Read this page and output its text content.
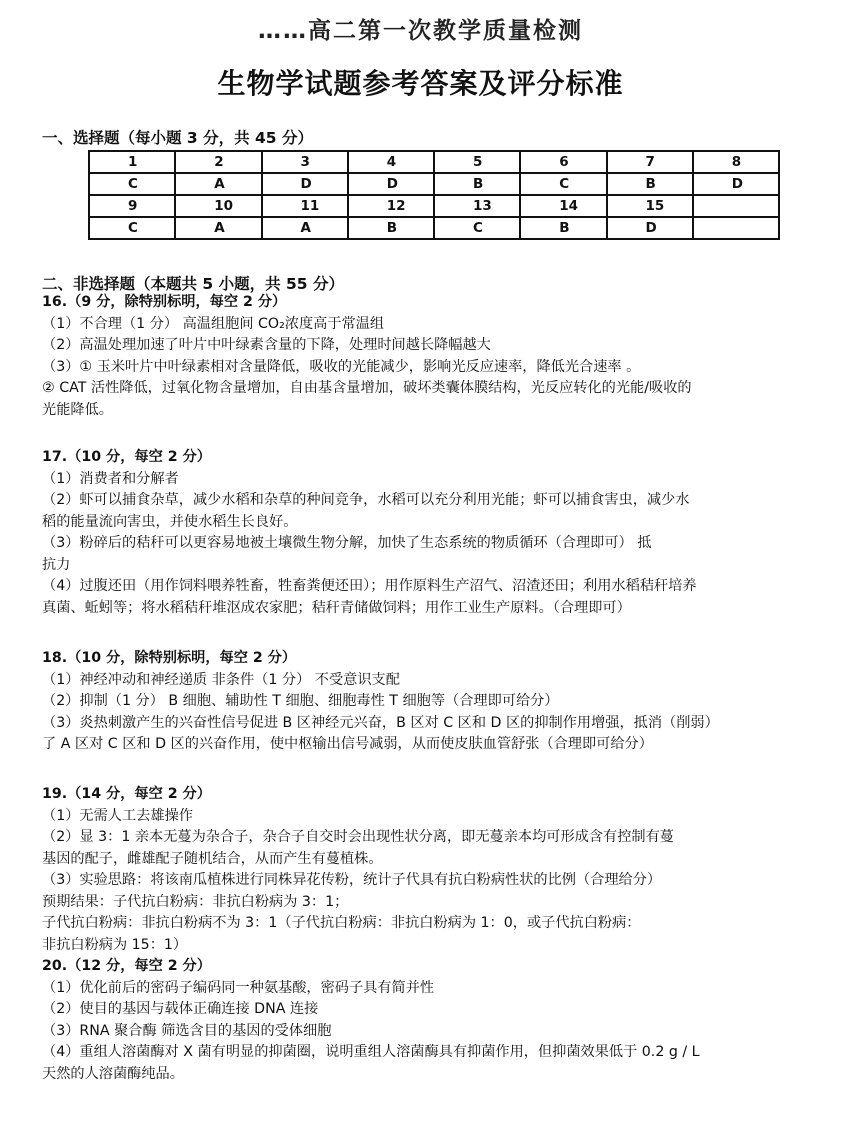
……高二第一次教学质量检测
生物学试题参考答案及评分标准
一、选择题（每小题 3 分，共 45 分）
1	2	3	4	5	6	7	8
C	A	D	D	B	C	B	D
9	10	11	12	13	14	15	
C	A	A	B	C	B	D	
二、非选择题（本题共 5 小题，共 55 分）

16.（9 分，除特别标明，每空 2 分）

（1）不合理（1 分） 高温组胞间 CO₂浓度高于常温组

（2）高温处理加速了叶片中叶绿素含量的下降，处理时间越长降幅越大

（3）① 玉米叶片中叶绿素相对含量降低，吸收的光能减少，影响光反应速率，降低光合速率 。

② CAT 活性降低，过氧化物含量增加，自由基含量增加，破坏类囊体膜结构，光反应转化的光能/吸收的

光能降低。

17.（10 分，每空 2 分）

（1）消费者和分解者

（2）虾可以捕食杂草，减少水稻和杂草的种间竞争，水稻可以充分利用光能；虾可以捕食害虫，减少水

稻的能量流向害虫，并使水稻生长良好。

（3）粉碎后的秸秆可以更容易地被土壤微生物分解，加快了生态系统的物质循环（合理即可） 抵

抗力

（4）过腹还田（用作饲料喂养牲畜，牲畜粪便还田）；用作原料生产沼气、沼渣还田；利用水稻秸秆培养

真菌、蚯蚓等；将水稻秸秆堆沤成农家肥；秸秆青储做饲料；用作工业生产原料。（合理即可）

18.（10 分，除特别标明，每空 2 分）

（1）神经冲动和神经递质 非条件（1 分） 不受意识支配

（2）抑制（1 分） B 细胞、辅助性 T 细胞、细胞毒性 T 细胞等（合理即可给分）

（3）炎热刺激产生的兴奋性信号促进 B 区神经元兴奋，B 区对 C 区和 D 区的抑制作用增强，抵消（削弱）

了 A 区对 C 区和 D 区的兴奋作用，使中枢输出信号减弱，从而使皮肤血管舒张（合理即可给分）

19.（14 分，每空 2 分）

（1）无需人工去雄操作

（2）显 3：1 亲本无蔓为杂合子，杂合子自交时会出现性状分离，即无蔓亲本均可形成含有控制有蔓

基因的配子，雌雄配子随机结合，从而产生有蔓植株。

（3）实验思路：将该南瓜植株进行同株异花传粉，统计子代具有抗白粉病性状的比例（合理给分）

预期结果：子代抗白粉病：非抗白粉病为 3：1；

子代抗白粉病：非抗白粉病不为 3：1（子代抗白粉病：非抗白粉病为 1：0，或子代抗白粉病：

非抗白粉病为 15：1）

20.（12 分，每空 2 分）

（1）优化前后的密码子编码同一种氨基酸，密码子具有简并性

（2）使目的基因与载体正确连接 DNA 连接

（3）RNA 聚合酶 筛选含目的基因的受体细胞

（4）重组人溶菌酶对 X 菌有明显的抑菌圈，说明重组人溶菌酶具有抑菌作用，但抑菌效果低于 0.2 g / L

天然的人溶菌酶纯品。
